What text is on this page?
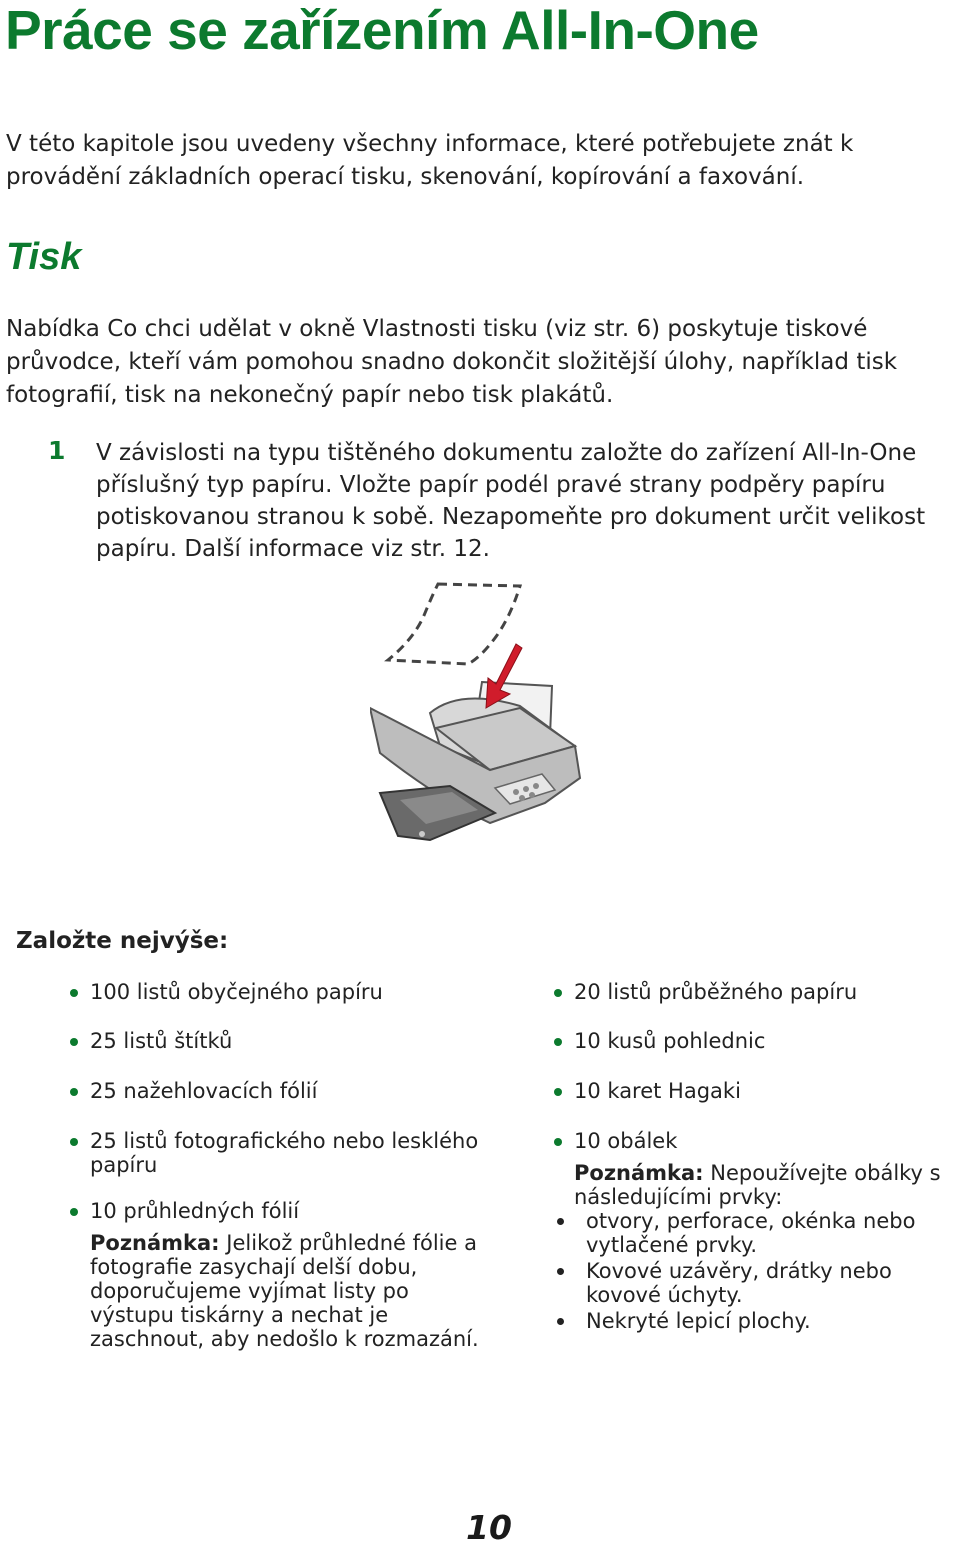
Práce se zařízením All-In-One

V této kapitole jsou uvedeny všechny informace, které potřebujete znát k provádění základních operací tisku, skenování, kopírování a faxování.

Tisk

Nabídka Co chci udělat v okně Vlastnosti tisku (viz str. 6) poskytuje tiskové průvodce, kteří vám pomohou snadno dokončit složitější úlohy, například tisk fotografií, tisk na nekonečný papír nebo tisk plakátů.

1 V závislosti na typu tištěného dokumentu založte do zařízení All-In-One příslušný typ papíru. Vložte papír podél pravé strany podpěry papíru potiskovanou stranou k sobě. Nezapomeňte pro dokument určit velikost papíru. Další informace viz str. 12.

Založte nejvýše:
100 listů obyčejného papíru
25 listů štítků
25 nažehlovacích fólií
25 listů fotografického nebo lesklého papíru
10 průhledných fólií
Poznámka: Jelikož průhledné fólie a fotografie zasychají delší dobu, doporučujeme vyjímat listy po výstupu tiskárny a nechat je zaschnout, aby nedošlo k rozmazání.
20 listů průběžného papíru
10 kusů pohlednic
10 karet Hagaki
10 obálek
Poznámka: Nepoužívejte obálky s následujícími prvky:
otvory, perforace, okénka nebo vytlačené prvky.
Kovové uzávěry, drátky nebo kovové úchyty.
Nekryté lepicí plochy.
10
